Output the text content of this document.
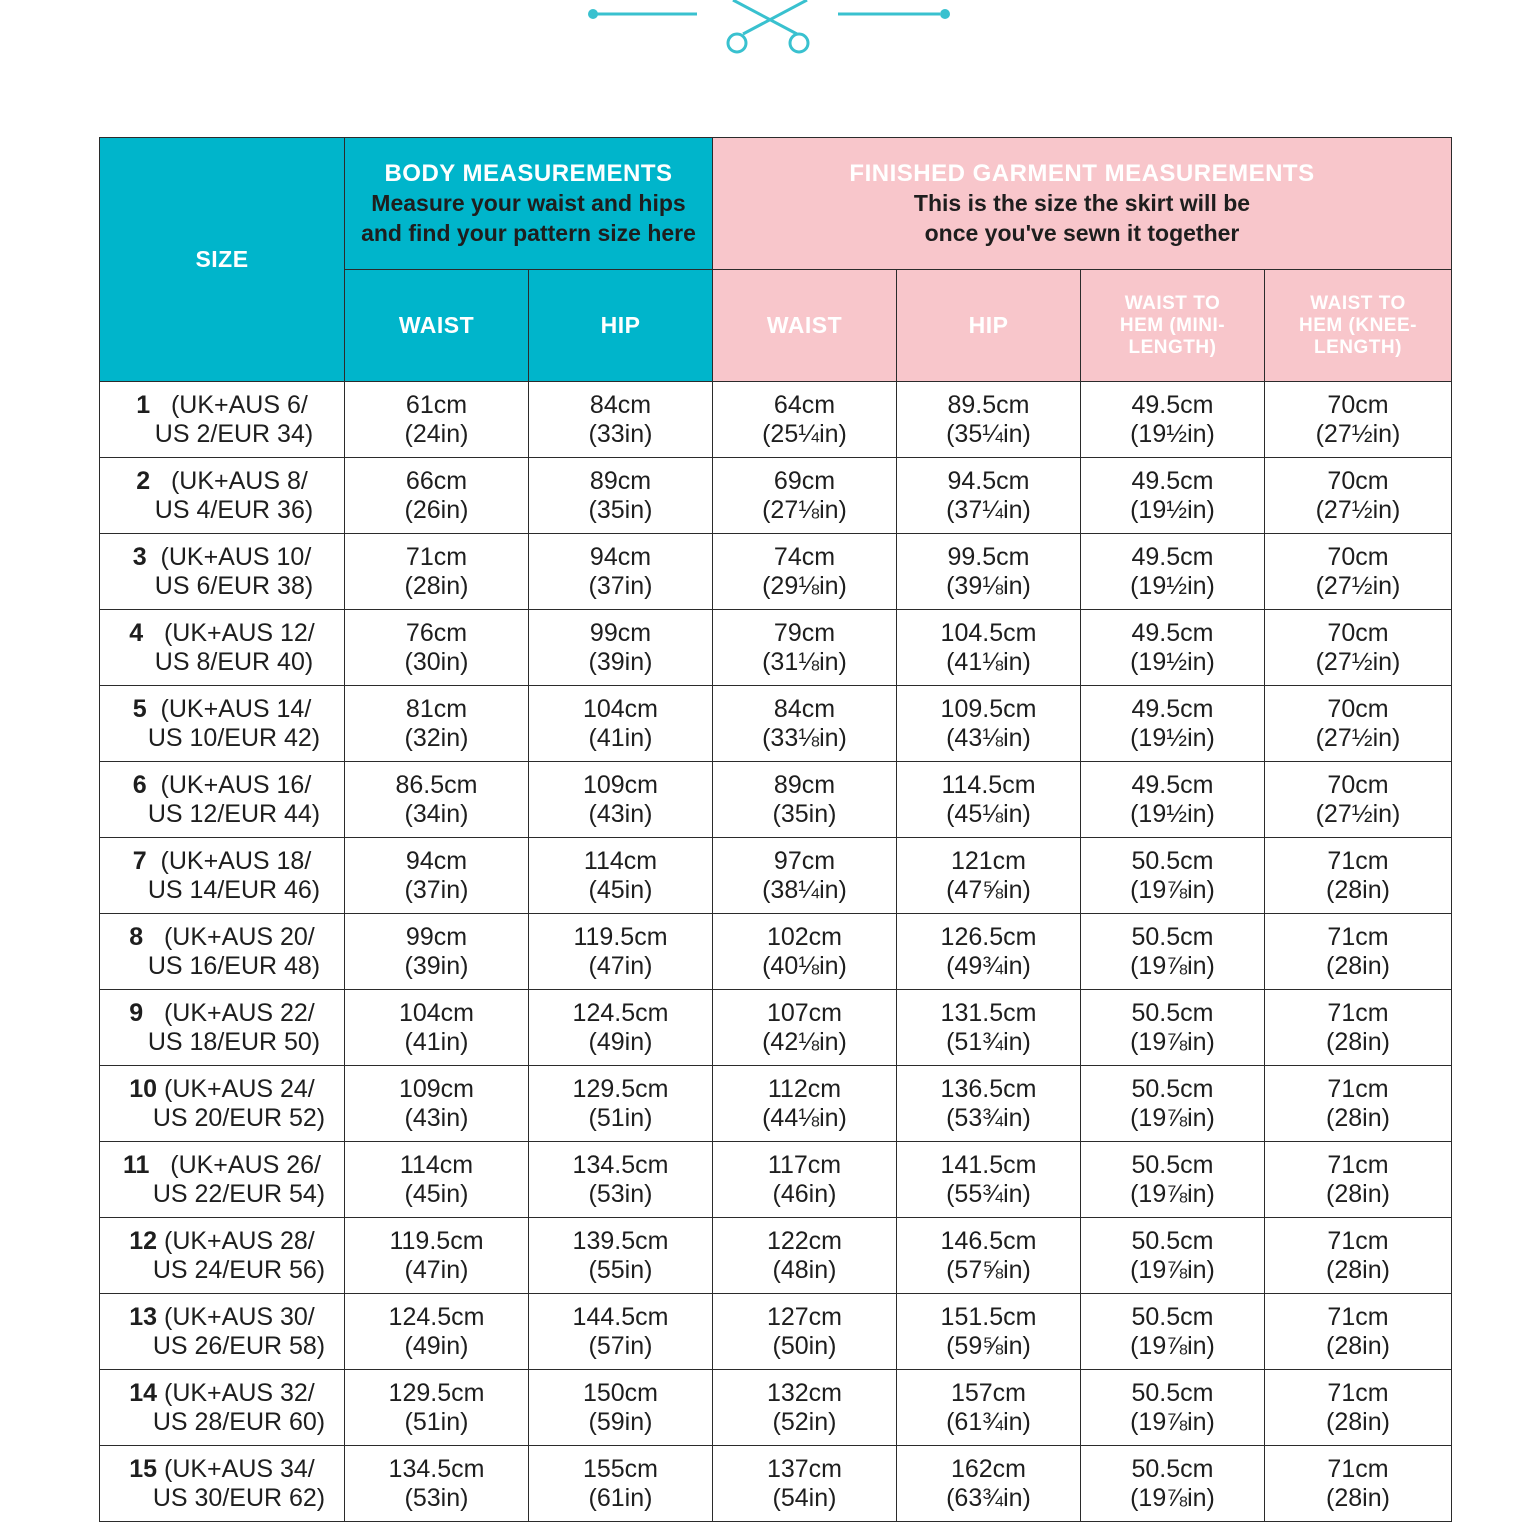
SIZE	BODY MEASUREMENTS
Measure your waist and hips
and find your pattern size here		FINISHED GARMENT MEASUREMENTS
This is the size the skirt will be
once you've sewn it together			

	WAIST	HIP	WAIST	HIP	WAIST TO
HEM (MINI-
LENGTH)	WAIST TO
HEM (KNEE-
LENGTH)

1 (UK+AUS 6/
US 2/EUR 34)	61cm
(24in)	84cm
(33in)	64cm
(25¼in)	89.5cm
(35¼in)	49.5cm
(19½in)	70cm
(27½in)

2 (UK+AUS 8/
US 4/EUR 36)	66cm
(26in)	89cm
(35in)	69cm
(27⅛in)	94.5cm
(37¼in)	49.5cm
(19½in)	70cm
(27½in)

3 (UK+AUS 10/
US 6/EUR 38)	71cm
(28in)	94cm
(37in)	74cm
(29⅛in)	99.5cm
(39⅛in)	49.5cm
(19½in)	70cm
(27½in)

4 (UK+AUS 12/
US 8/EUR 40)	76cm
(30in)	99cm
(39in)	79cm
(31⅛in)	104.5cm
(41⅛in)	49.5cm
(19½in)	70cm
(27½in)

5 (UK+AUS 14/
US 10/EUR 42)	81cm
(32in)	104cm
(41in)	84cm
(33⅛in)	109.5cm
(43⅛in)	49.5cm
(19½in)	70cm
(27½in)

6 (UK+AUS 16/
US 12/EUR 44)	86.5cm
(34in)	109cm
(43in)	89cm
(35in)	114.5cm
(45⅛in)	49.5cm
(19½in)	70cm
(27½in)

7 (UK+AUS 18/
US 14/EUR 46)	94cm
(37in)	114cm
(45in)	97cm
(38¼in)	121cm
(47⅝in)	50.5cm
(19⅞in)	71cm
(28in)

8 (UK+AUS 20/
US 16/EUR 48)	99cm
(39in)	119.5cm
(47in)	102cm
(40⅛in)	126.5cm
(49¾in)	50.5cm
(19⅞in)	71cm
(28in)

9 (UK+AUS 22/
US 18/EUR 50)	104cm
(41in)	124.5cm
(49in)	107cm
(42⅛in)	131.5cm
(51¾in)	50.5cm
(19⅞in)	71cm
(28in)

10 (UK+AUS 24/
US 20/EUR 52)	109cm
(43in)	129.5cm
(51in)	112cm
(44⅛in)	136.5cm
(53¾in)	50.5cm
(19⅞in)	71cm
(28in)

11 (UK+AUS 26/
US 22/EUR 54)	114cm
(45in)	134.5cm
(53in)	117cm
(46in)	141.5cm
(55¾in)	50.5cm
(19⅞in)	71cm
(28in)

12 (UK+AUS 28/
US 24/EUR 56)	119.5cm
(47in)	139.5cm
(55in)	122cm
(48in)	146.5cm
(57⅝in)	50.5cm
(19⅞in)	71cm
(28in)

13 (UK+AUS 30/
US 26/EUR 58)	124.5cm
(49in)	144.5cm
(57in)	127cm
(50in)	151.5cm
(59⅝in)	50.5cm
(19⅞in)	71cm
(28in)

14 (UK+AUS 32/
US 28/EUR 60)	129.5cm
(51in)	150cm
(59in)	132cm
(52in)	157cm
(61¾in)	50.5cm
(19⅞in)	71cm
(28in)

15 (UK+AUS 34/
US 30/EUR 62)	134.5cm
(53in)	155cm
(61in)	137cm
(54in)	162cm
(63¾in)	50.5cm
(19⅞in)	71cm
(28in)
